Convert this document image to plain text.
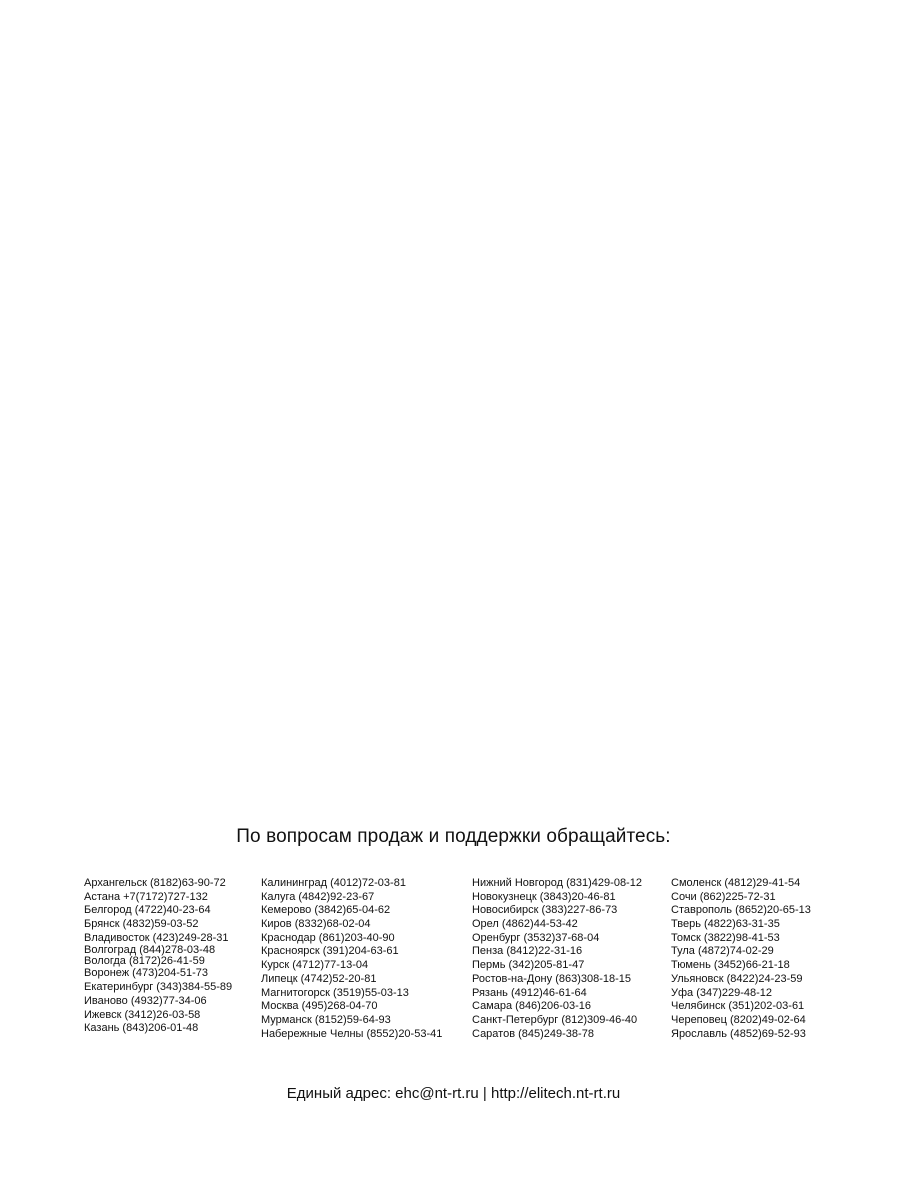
По вопросам продаж и поддержки обращайтесь:
Архангельск (8182)63-90-72
Астана +7(7172)727-132
Белгород (4722)40-23-64
Брянск (4832)59-03-52
Владивосток (423)249-28-31
Волгоград (844)278-03-48
Вологда (8172)26-41-59
Воронеж (473)204-51-73
Екатеринбург (343)384-55-89
Иваново (4932)77-34-06
Ижевск (3412)26-03-58
Казань (843)206-01-48
Калининград (4012)72-03-81
Калуга (4842)92-23-67
Кемерово (3842)65-04-62
Киров (8332)68-02-04
Краснодар (861)203-40-90
Красноярск (391)204-63-61
Курск (4712)77-13-04
Липецк (4742)52-20-81
Магнитогорск (3519)55-03-13
Москва (495)268-04-70
Мурманск (8152)59-64-93
Набережные Челны (8552)20-53-41
Нижний Новгород (831)429-08-12
Новокузнецк (3843)20-46-81
Новосибирск (383)227-86-73
Орел (4862)44-53-42
Оренбург (3532)37-68-04
Пенза (8412)22-31-16
Пермь (342)205-81-47
Ростов-на-Дону (863)308-18-15
Рязань (4912)46-61-64
Самара (846)206-03-16
Санкт-Петербург (812)309-46-40
Саратов (845)249-38-78
Смоленск (4812)29-41-54
Сочи (862)225-72-31
Ставрополь (8652)20-65-13
Тверь (4822)63-31-35
Томск (3822)98-41-53
Тула (4872)74-02-29
Тюмень (3452)66-21-18
Ульяновск (8422)24-23-59
Уфа (347)229-48-12
Челябинск (351)202-03-61
Череповец (8202)49-02-64
Ярославль (4852)69-52-93
Единый адрес: ehc@nt-rt.ru | http://elitech.nt-rt.ru
